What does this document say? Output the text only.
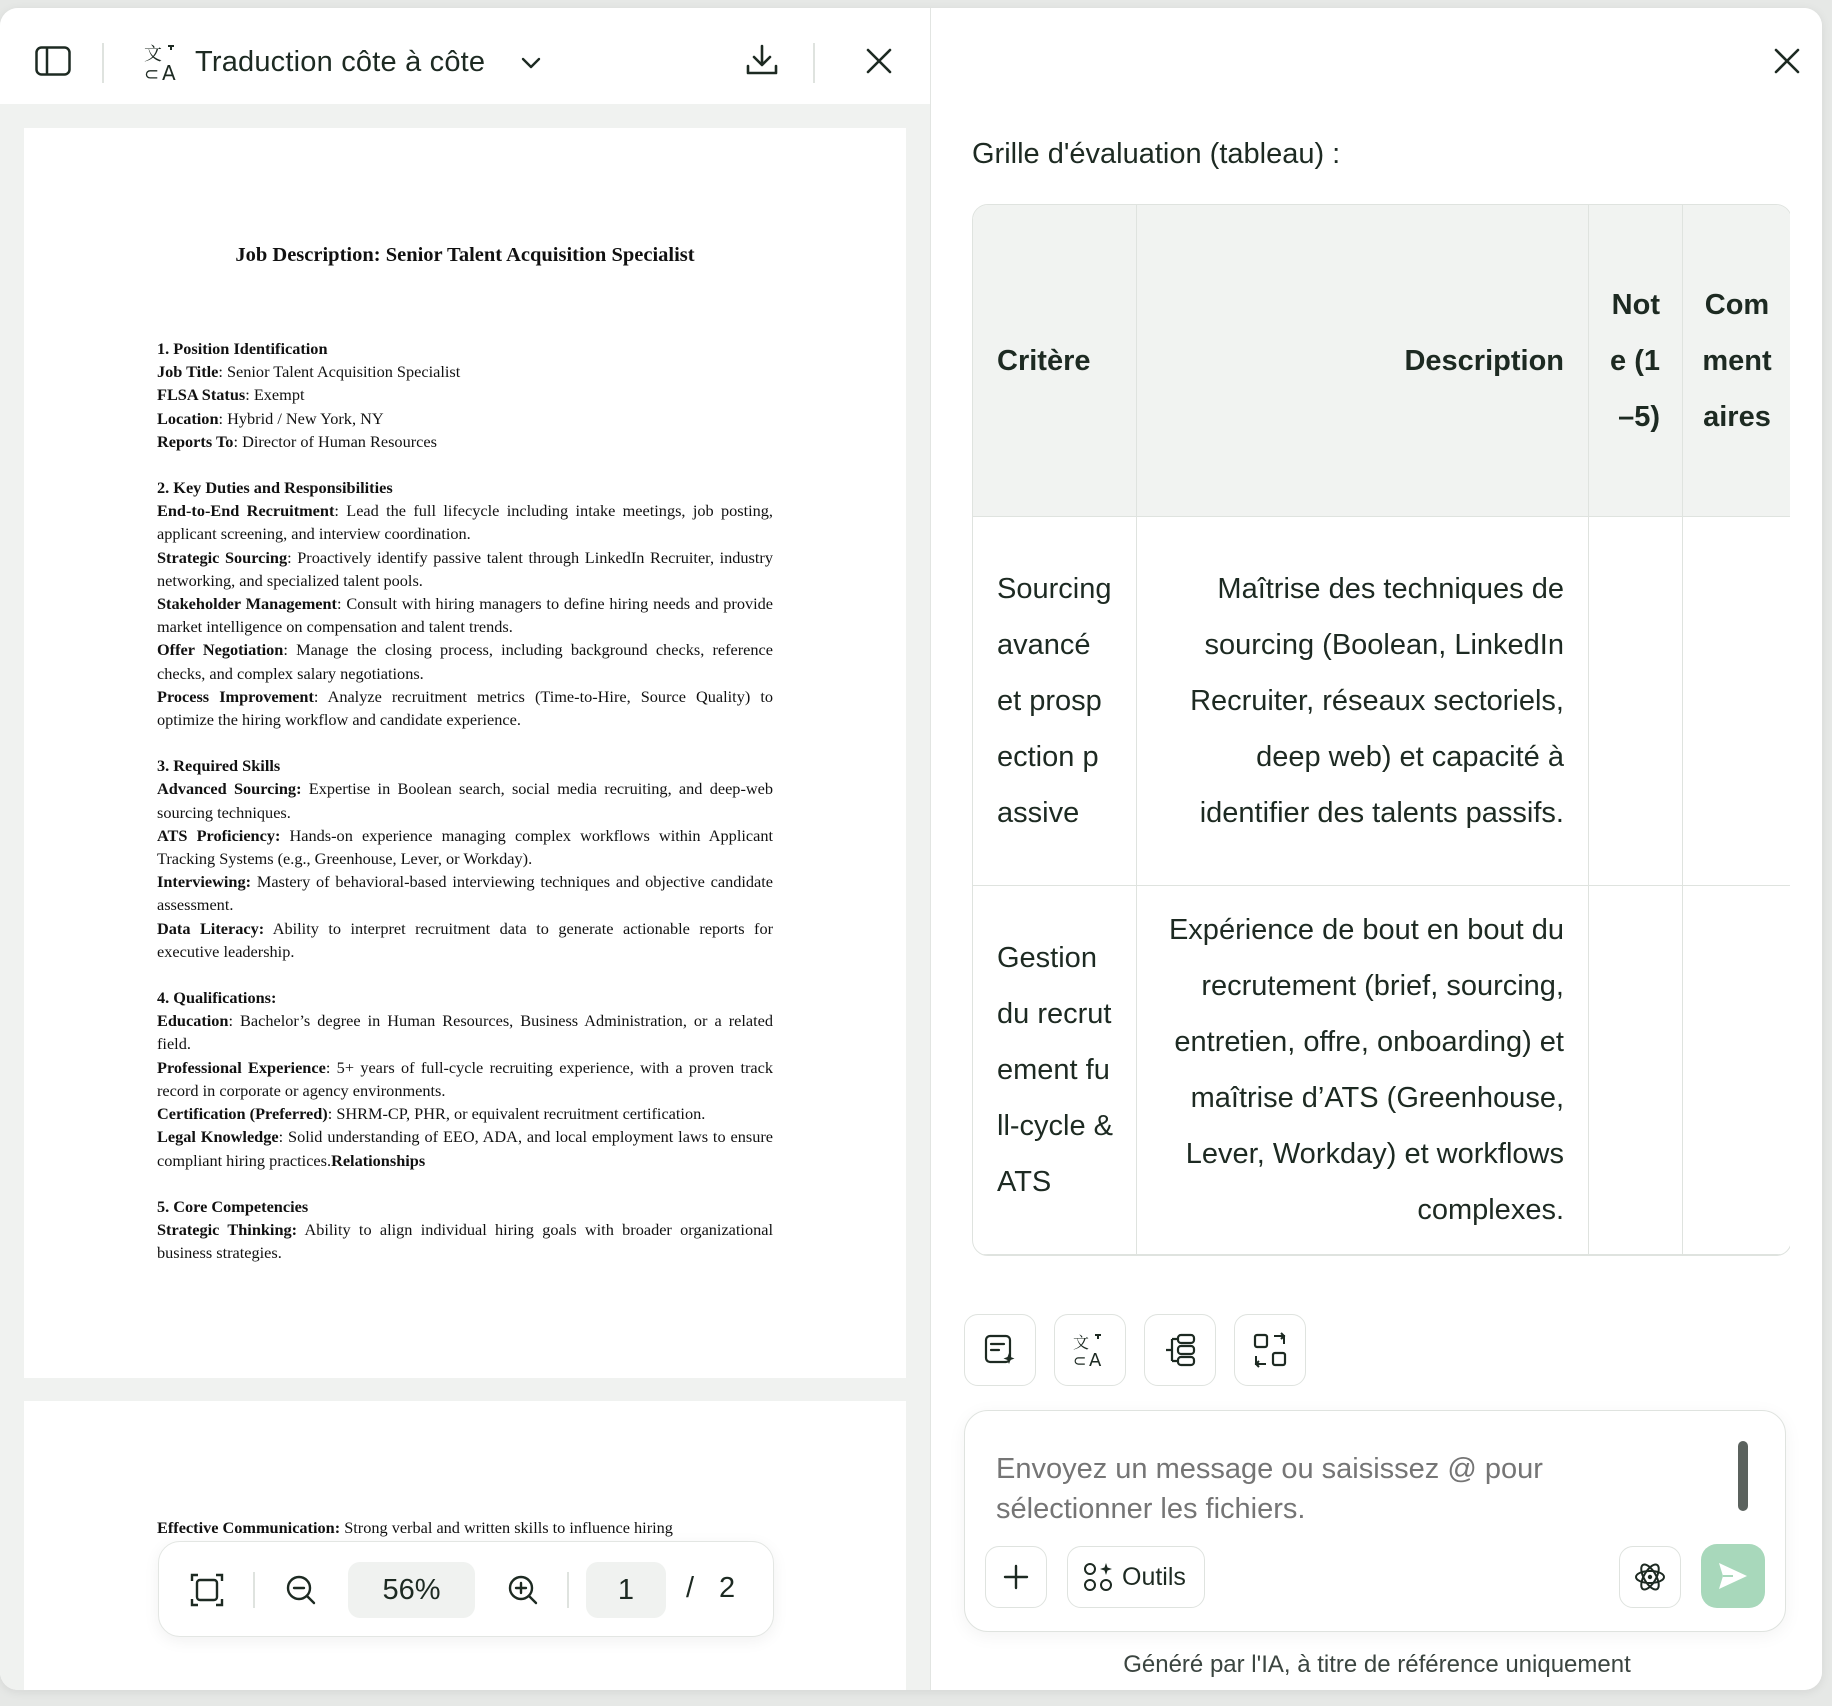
文
⊂ A Traduction côte à côte
Job Description: Senior Talent Acquisition Specialist
1. Position Identification
Job Title: Senior Talent Acquisition Specialist
FLSA Status: Exempt
Location: Hybrid / New York, NY
Reports To: Director of Human Resources
2. Key Duties and Responsibilities
End-to-End Recruitment: Lead the full lifecycle including intake meetings, job posting, applicant screening, and interview coordination.
Strategic Sourcing: Proactively identify passive talent through LinkedIn Recruiter, industry networking, and specialized talent pools.
Stakeholder Management: Consult with hiring managers to define hiring needs and provide market intelligence on compensation and talent trends.
Offer Negotiation: Manage the closing process, including background checks, reference checks, and complex salary negotiations.
Process Improvement: Analyze recruitment metrics (Time-to-Hire, Source Quality) to optimize the hiring workflow and candidate experience.
3. Required Skills
Advanced Sourcing: Expertise in Boolean search, social media recruiting, and deep-web sourcing techniques.
ATS Proficiency: Hands-on experience managing complex workflows within Applicant Tracking Systems (e.g., Greenhouse, Lever, or Workday).
Interviewing: Mastery of behavioral-based interviewing techniques and objective candidate assessment.
Data Literacy: Ability to interpret recruitment data to generate actionable reports for executive leadership.
4. Qualifications:
Education: Bachelor’s degree in Human Resources, Business Administration, or a related field.
Professional Experience: 5+ years of full-cycle recruiting experience, with a proven track record in corporate or agency environments.
Certification (Preferred): SHRM-CP, PHR, or equivalent recruitment certification.
Legal Knowledge: Solid understanding of EEO, ADA, and local employment laws to ensure compliant hiring practices.Relationships
5. Core Competencies
Strategic Thinking: Ability to align individual hiring goals with broader organizational business strategies.
Effective Communication: Strong verbal and written skills to influence hiring
56%	1	/ 2
Grille d'évaluation (tableau) :
Critère	Description	Note (1–5)	Commentaires
Sourcing avancé et prospection passive	Maîtrise des techniques de sourcing (Boolean, LinkedIn Recruiter, réseaux sectoriels, deep web) et capacité à identifier des talents passifs.		
Gestion du recrutement full-cycle & ATS	Expérience de bout en bout du recrutement (brief, sourcing, entretien, offre, onboarding) et maîtrise d’ATS (Greenhouse, Lever, Workday) et workflows complexes.		
文
⊂ A
Envoyez un message ou saisissez @ pour sélectionner les fichiers.
Outils
Généré par l'IA, à titre de référence uniquement
